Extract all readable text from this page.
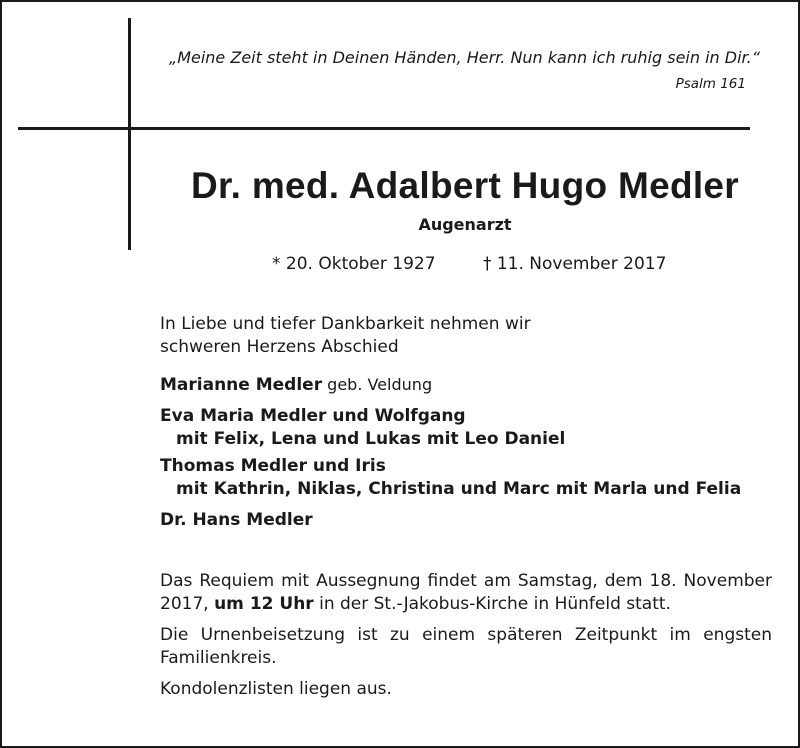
„Meine Zeit steht in Deinen Händen, Herr. Nun kann ich ruhig sein in Dir.“
Psalm 161
Dr. med. Adalbert Hugo Medler
Augenarzt
* 20. Oktober 1927	† 11. November 2017
In Liebe und tiefer Dankbarkeit nehmen wir
schweren Herzens Abschied
Marianne Medler geb. Veldung
Eva Maria Medler und Wolfgang
mit Felix, Lena und Lukas mit Leo Daniel
Thomas Medler und Iris
mit Kathrin, Niklas, Christina und Marc mit Marla und Felia
Dr. Hans Medler

Das Requiem mit Aussegnung findet am Samstag, dem 18. November
2017, um 12 Uhr in der St.-Jakobus-Kirche in Hünfeld statt.

Die Urnenbeisetzung ist zu einem späteren Zeitpunkt im engsten
Familienkreis.

Kondolenzlisten liegen aus.
